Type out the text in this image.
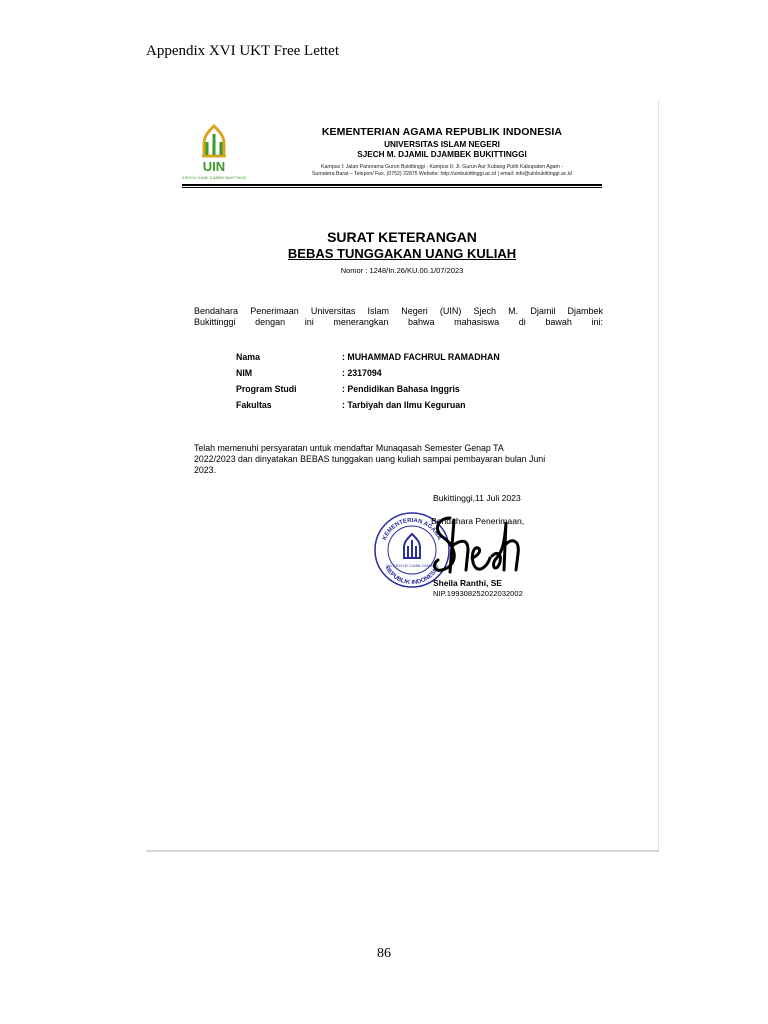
Appendix XVI UKT Free Lettet
UIN
SJECH M. DJAMIL DJAMBEK BUKITTINGGI
KEMENTERIAN AGAMA REPUBLIK INDONESIA
UNIVERSITAS ISLAM NEGERI
SJECH M. DJAMIL DJAMBEK BUKITTINGGI
Kampus I: Jalan Panorama Gurun Bukittinggi - Kampus II: Jl. Gurun Aur Kubang Putih Kabupaten Agam -
Sumatera Barat – Telepon/ Fax. (0752) 22875 Website: http://uinbukittinggi.ac.id | email: info@uinbukittinggi.ac.id
SURAT KETERANGAN
BEBAS TUNGGAKAN UANG KULIAH
Nomor : 1248/In.26/KU.00.1/07/2023
Bendahara Penerimaan Universitas Islam Negeri (UIN) Sjech M. Djamil Djambek
Bukittinggi dengan ini menerangkan bahwa mahasiswa di bawah ini:
Nama	: MUHAMMAD FACHRUL RAMADHAN
NIM	: 2317094
Program Studi	: Pendidikan Bahasa Inggris
Fakultas	: Tarbiyah dan Ilmu Keguruan
Telah memenuhi persyaratan untuk mendaftar Munaqasah Semester Genap TA
2022/2023 dan dinyatakan BEBAS tunggakan uang kuliah sampai pembayaran bulan Juni
2023.
Bukittinggi,11 Juli 2023
KEMENTERIAN AGAMA
REPUBLIK INDONESIA
UIN SJECH M. DJAMIL DJAMBEK
Bendahara Penerimaan,
Sheila Ranthi, SE
NIP.199308252022032002
86
